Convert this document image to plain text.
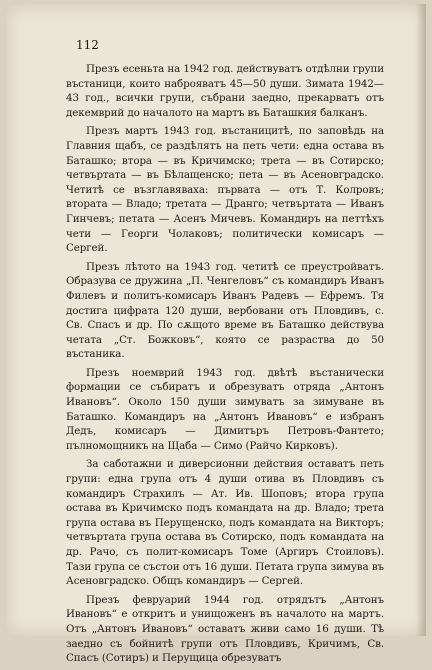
112

Презъ есеньта на 1942 год. действуватъ отдѣлни групи въстаници, които наброяватъ 45—50 души. Зимата 1942—43 год., всички групи, събрани заедно, прекарватъ отъ декемврий до началото на мартъ въ Баташкия балканъ.

Презъ мартъ 1943 год. въстаницитѣ, по заповѣдь на Главния щабъ, се раздѣлятъ на петь чети: една остава въ Баташко; втора — въ Кричимско; трета — въ Сотирско; четвъртата — въ Бѣлащенско; пета — въ Асеновградско. Четитѣ се възглавяваха: първата — отъ Т. Колровъ; втората — Владо; третата — Дранго; четвъртата — Иванъ Гинчевъ; петата — Асенъ Мичевъ. Командиръ на петтѣхъ чети — Георги Чолаковъ; политически комисаръ — Сергей.

Презъ лѣтото на 1943 год. четитѣ се преустройватъ. Образува се дружина „П. Ченгеловъ“ съ командиръ Иванъ Филевъ и политъ-комисаръ Иванъ Радевъ — Ефремъ. Тя достига цифрата 120 души, вербовани отъ Пловдивъ, с. Св. Спасъ и др. По сѫщото време въ Баташко действува четата „Ст. Божковъ“, която се разраства до 50 въстаника.

Презъ ноемврий 1943 год. двѣтѣ въстанически формации се събиратъ и обрезуватъ отряда „Антонъ Ивановъ“. Около 150 души зимуватъ за зимуване въ Баташко. Командиръ на „Антонъ Ивановъ“ е избранъ Дедъ, комисаръ — Димитъръ Петровъ-Фантето; пълномощникъ на Щаба — Симо (Райчо Кирковъ).

За саботажни и диверсионни действия оставатъ петь групи: една група отъ 4 души отива въ Пловдивъ съ командиръ Страхилъ — Ат. Ив. Шоповъ; втора група остава въ Кричимско подъ командата на др. Владо; трета група остава въ Перущенско, подъ командата на Викторъ; четвъртата група остава въ Сотирско, подъ командата на др. Рачо, съ полит-комисаръ Томе (Аргиръ Стоиловъ). Тази група се състои отъ 16 души. Петата група зимува въ Асеновградско. Общъ командиръ — Сергей.

Презъ февруарий 1944 год. отрядътъ „Антонъ Ивановъ“ е откритъ и унищоженъ въ началото на мартъ. Отъ „Антонъ Ивановъ“ оставатъ живи само 16 души. Тѣ заедно съ бойнитѣ групи отъ Пловдивъ, Кричимъ, Св. Спасъ (Сотиръ) и Перущица обрезуватъ
